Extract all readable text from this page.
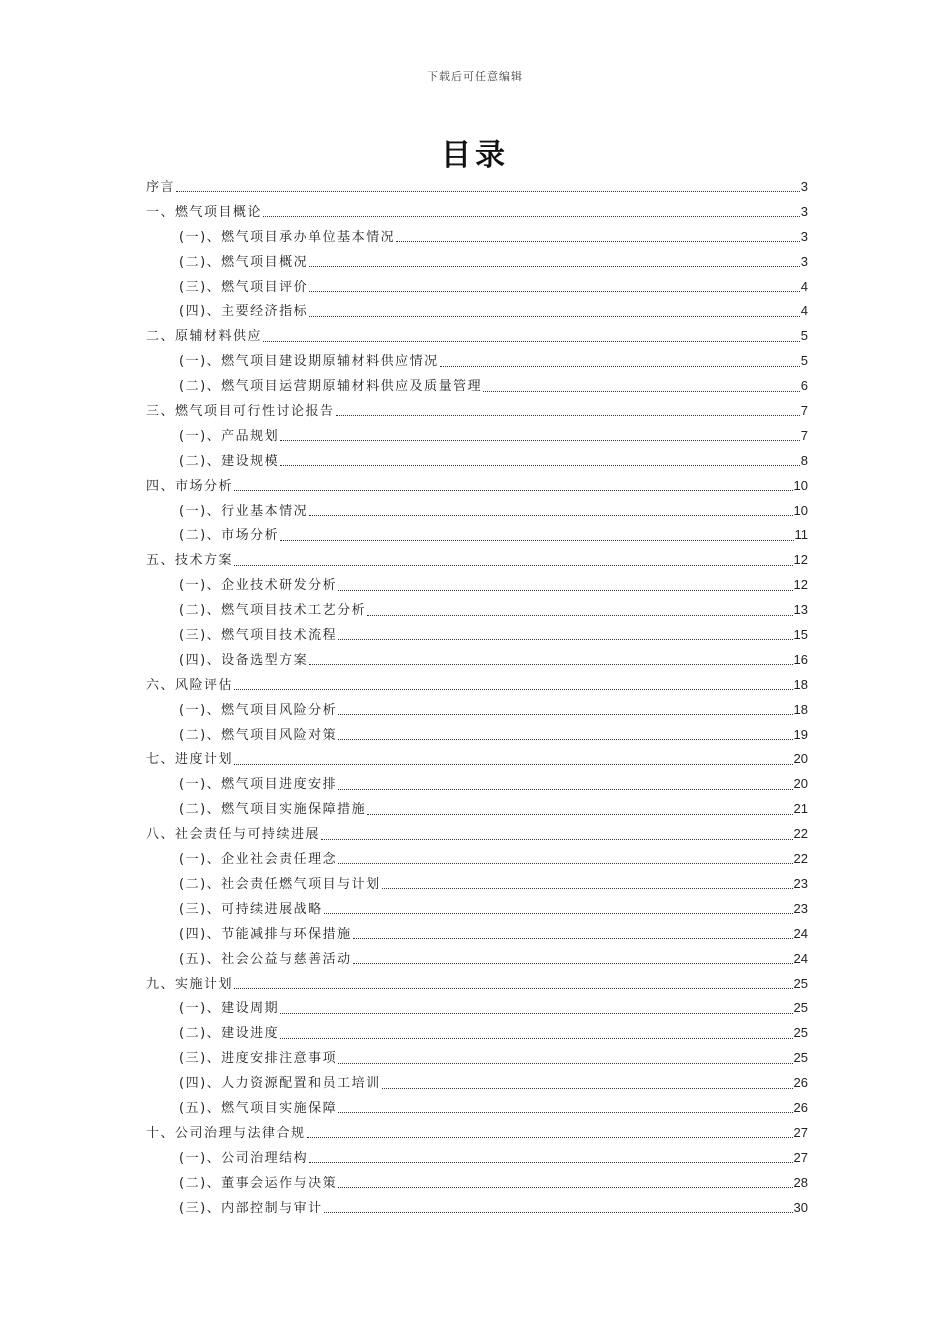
下载后可任意编辑
目录
序言	3
一、燃气项目概论	3
(一)、燃气项目承办单位基本情况	3
(二)、燃气项目概况	3
(三)、燃气项目评价	4
(四)、主要经济指标	4
二、原辅材料供应	5
(一)、燃气项目建设期原辅材料供应情况	5
(二)、燃气项目运营期原辅材料供应及质量管理	6
三、燃气项目可行性讨论报告	7
(一)、产品规划	7
(二)、建设规模	8
四、市场分析	10
(一)、行业基本情况	10
(二)、市场分析	11
五、技术方案	12
(一)、企业技术研发分析	12
(二)、燃气项目技术工艺分析	13
(三)、燃气项目技术流程	15
(四)、设备选型方案	16
六、风险评估	18
(一)、燃气项目风险分析	18
(二)、燃气项目风险对策	19
七、进度计划	20
(一)、燃气项目进度安排	20
(二)、燃气项目实施保障措施	21
八、社会责任与可持续进展	22
(一)、企业社会责任理念	22
(二)、社会责任燃气项目与计划	23
(三)、可持续进展战略	23
(四)、节能减排与环保措施	24
(五)、社会公益与慈善活动	24
九、实施计划	25
(一)、建设周期	25
(二)、建设进度	25
(三)、进度安排注意事项	25
(四)、人力资源配置和员工培训	26
(五)、燃气项目实施保障	26
十、公司治理与法律合规	27
(一)、公司治理结构	27
(二)、董事会运作与决策	28
(三)、内部控制与审计	30
